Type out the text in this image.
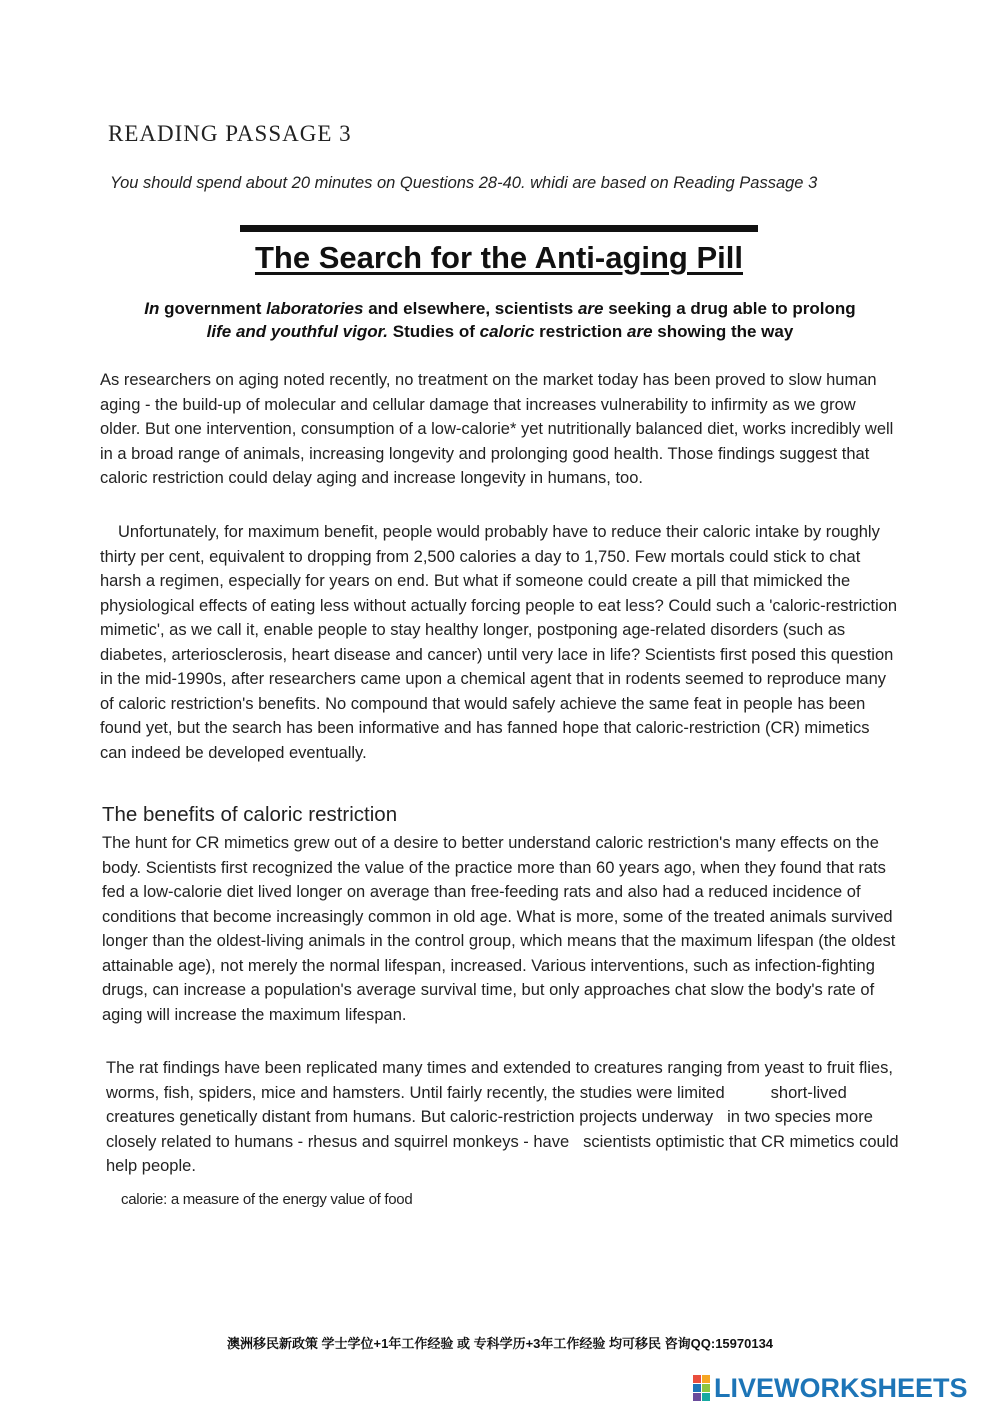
READING PASSAGE 3
You should spend about 20 minutes on Questions 28-40. whidi are based on Reading Passage 3
The Search for the Anti-aging Pill
In government laboratories and elsewhere, scientists are seeking a drug able to prolong
life and youthful vigor. Studies of caloric restriction are showing the way
As researchers on aging noted recently, no treatment on the market today has been proved to slow human aging - the build-up of molecular and cellular damage that increases vulnerability to infirmity as we grow older. But one intervention, consumption of a low-calorie* yet nutritionally balanced diet, works incredibly well in a broad range of animals, increasing longevity and prolonging good health. Those findings suggest that caloric restriction could delay aging and increase longevity in humans, too.
Unfortunately, for maximum benefit, people would probably have to reduce their caloric intake by roughly thirty per cent, equivalent to dropping from 2,500 calories a day to 1,750. Few mortals could stick to chat harsh a regimen, especially for years on end. But what if someone could create a pill that mimicked the physiological effects of eating less without actually forcing people to eat less? Could such a 'caloric-restriction mimetic', as we call it, enable people to stay healthy longer, postponing age-related disorders (such as diabetes, arteriosclerosis, heart disease and cancer) until very lace in life? Scientists first posed this question in the mid-1990s, after researchers came upon a chemical agent that in rodents seemed to reproduce many of caloric restriction's benefits. No compound that would safely achieve the same feat in people has been found yet, but the search has been informative and has fanned hope that caloric-restriction (CR) mimetics can indeed be developed eventually.
The benefits of caloric restriction
The hunt for CR mimetics grew out of a desire to better understand caloric restriction's many effects on the body. Scientists first recognized the value of the practice more than 60 years ago, when they found that rats fed a low-calorie diet lived longer on average than free-feeding rats and also had a reduced incidence of conditions that become increasingly common in old age. What is more, some of the treated animals survived longer than the oldest-living animals in the control group, which means that the maximum lifespan (the oldest attainable age), not merely the normal lifespan, increased. Various interventions, such as infection-fighting drugs, can increase a population's average survival time, but only approaches chat slow the body's rate of aging will increase the maximum lifespan.
The rat findings have been replicated many times and extended to creatures ranging from yeast to fruit flies, worms, fish, spiders, mice and hamsters. Until fairly recently, the studies were limited	short-lived creatures genetically distant from humans. But caloric-restriction projects underway in two species more closely related to humans - rhesus and squirrel monkeys - have scientists optimistic that CR mimetics could help people.
calorie: a measure of the energy value of food
澳洲移民新政策 学士学位+1年工作经验 或 专科学历+3年工作经验 均可移民 咨询QQ:15970134
LIVEWORKSHEETS
